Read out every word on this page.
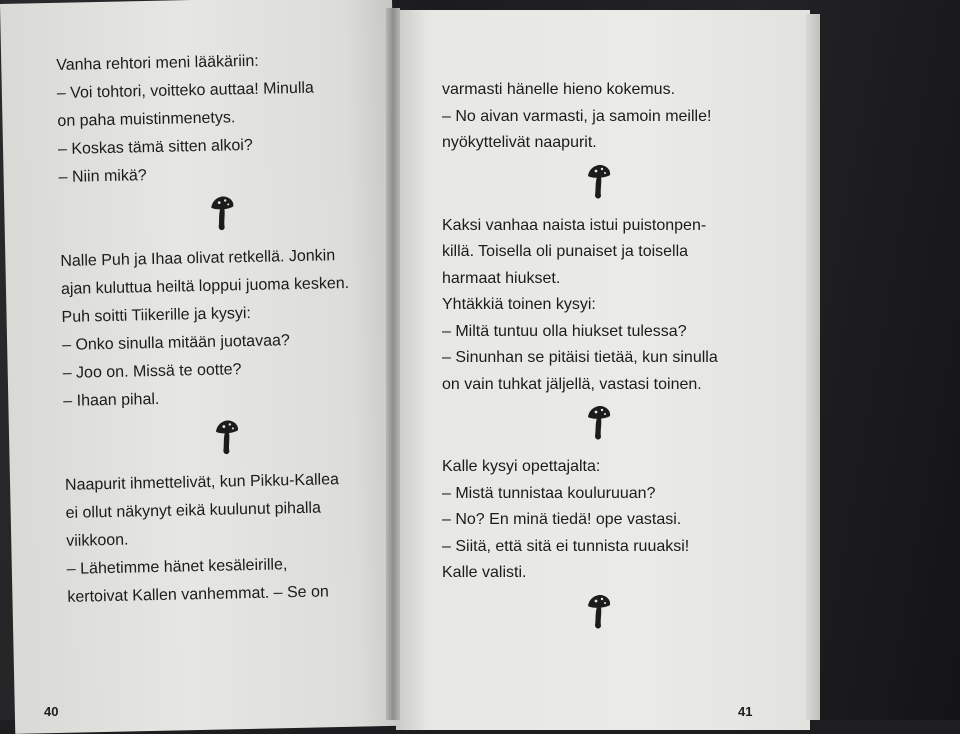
Vanha rehtori meni lääkäriin:

– Voi tohtori, voitteko auttaa! Minulla

on paha muistinmenetys.

– Koskas tämä sitten alkoi?

– Niin mikä?

Nalle Puh ja Ihaa olivat retkellä. Jonkin

ajan kuluttua heiltä loppui juoma kesken.

Puh soitti Tiikerille ja kysyi:

– Onko sinulla mitään juotavaa?

– Joo on. Missä te ootte?

– Ihaan pihal.

Naapurit ihmettelivät, kun Pikku-Kallea

ei ollut näkynyt eikä kuulunut pihalla

viikkoon.

– Lähetimme hänet kesäleirille,

kertoivat Kallen vanhemmat. – Se on

varmasti hänelle hieno kokemus.

– No aivan varmasti, ja samoin meille!

nyökyttelivät naapurit.

Kaksi vanhaa naista istui puistonpen-

killä. Toisella oli punaiset ja toisella

harmaat hiukset.

Yhtäkkiä toinen kysyi:

– Miltä tuntuu olla hiukset tulessa?

– Sinunhan se pitäisi tietää, kun sinulla

on vain tuhkat jäljellä, vastasi toinen.

Kalle kysyi opettajalta:

– Mistä tunnistaa kouluruuan?

– No? En minä tiedä! ope vastasi.

– Siitä, että sitä ei tunnista ruuaksi!

Kalle valisti.

40	41
